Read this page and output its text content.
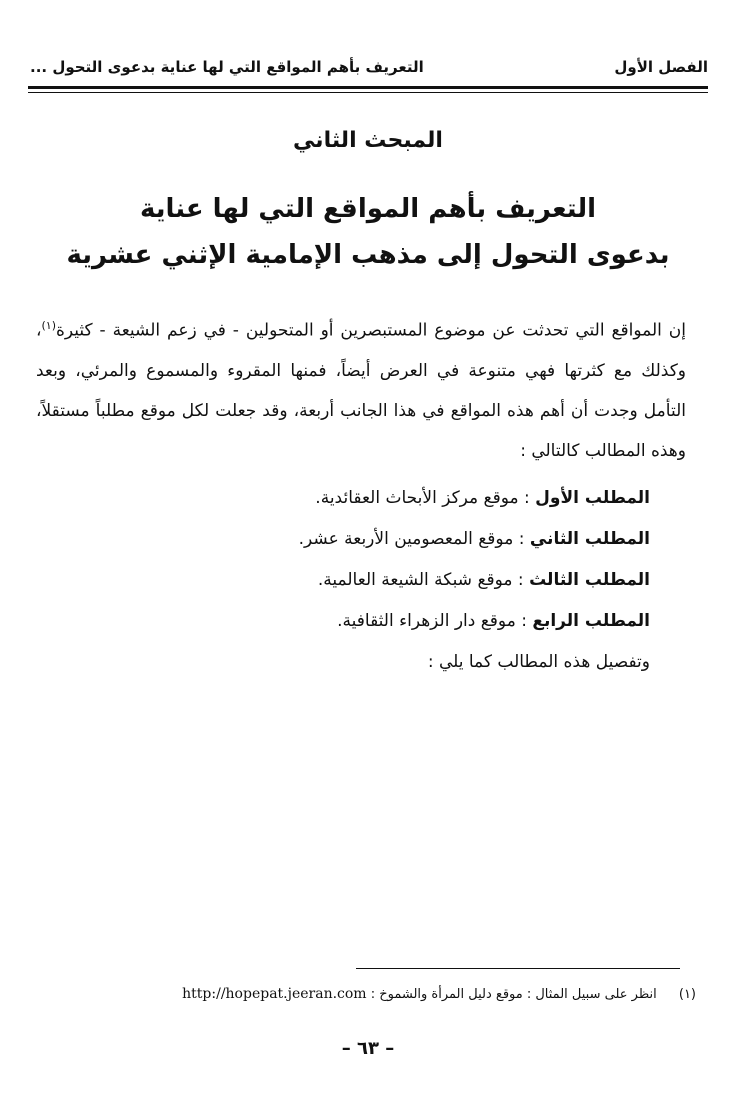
الفصل الأول
التعريف بأهم المواقع التي لها عناية بدعوى التحول ...
المبحث الثاني
التعريف بأهم المواقع التي لها عناية
بدعوى التحول إلى مذهب الإمامية الإثني عشرية

إن المواقع التي تحدثت عن موضوع المستبصرين أو المتحولين - في زعم الشيعة - كثيرة$^{(١)}$، وكذلك مع كثرتها فهي متنوعة في العرض أيضاً، فمنها المقروء والمسموع والمرئي، وبعد التأمل وجدت أن أهم هذه المواقع في هذا الجانب أربعة، وقد جعلت لكل موقع مطلباً مستقلاً، وهذه المطالب كالتالي :

المطلب الأول : موقع مركز الأبحاث العقائدية.
المطلب الثاني : موقع المعصومين الأربعة عشر.
المطلب الثالث : موقع شبكة الشيعة العالمية.
المطلب الرابع : موقع دار الزهراء الثقافية.
وتفصيل هذه المطالب كما يلي :
(١) انظر على سبيل المثال : موقع دليل المرأة والشموخ : http://hopepat.jeeran.com
– ٦٣ –
